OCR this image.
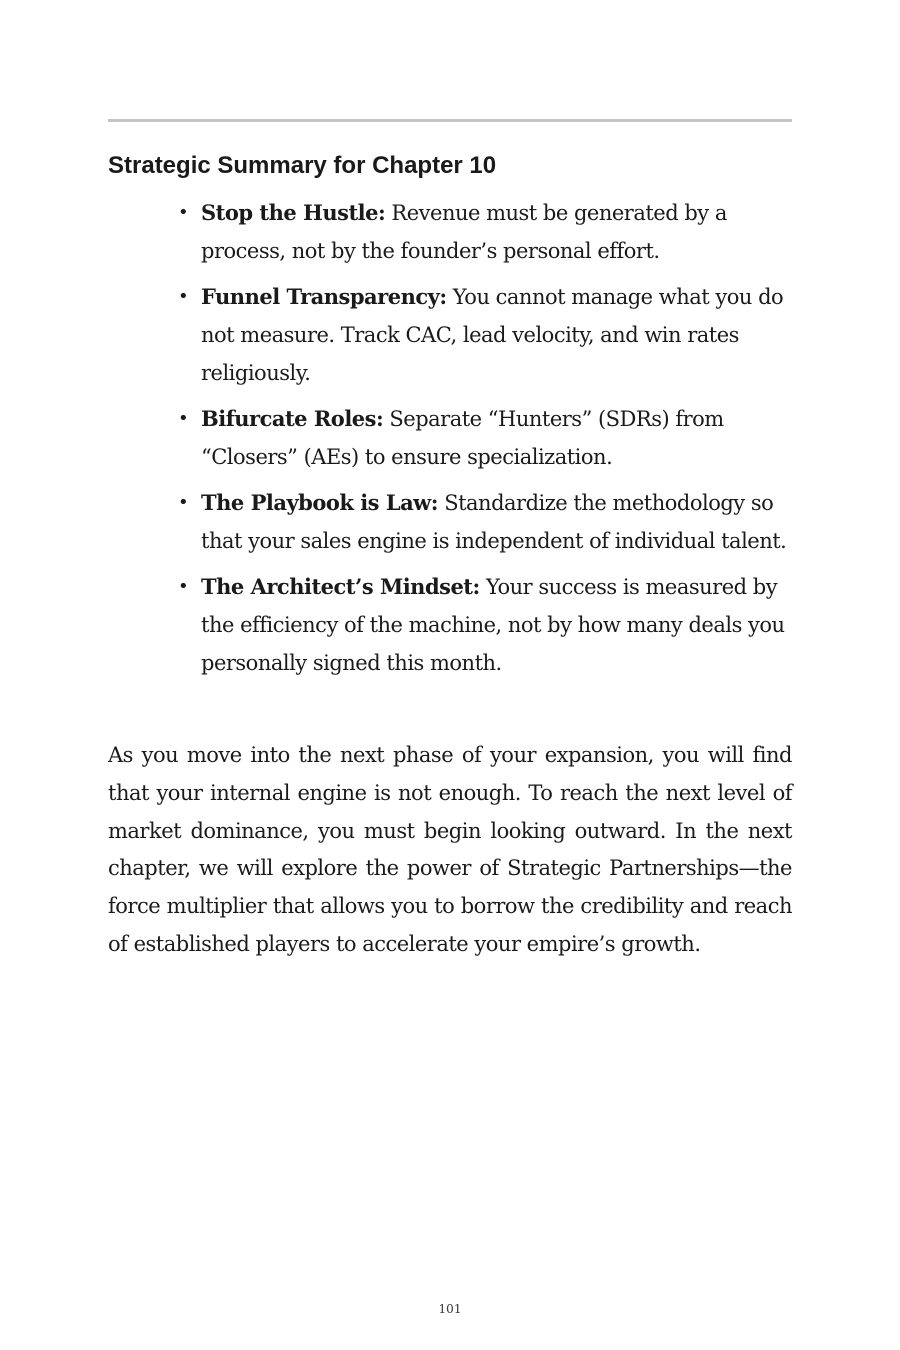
Strategic Summary for Chapter 10
• Stop the Hustle: Revenue must be generated by a process, not by the founder’s personal effort.
• Funnel Transparency: You cannot manage what you do not measure. Track CAC, lead velocity, and win rates religiously.
• Bifurcate Roles: Separate “Hunters” (SDRs) from “Closers” (AEs) to ensure specialization.
• The Playbook is Law: Standardize the methodology so that your sales engine is independent of individual talent.
• The Architect’s Mindset: Your success is measured by the efficiency of the machine, not by how many deals you personally signed this month.

As you move into the next phase of your expansion, you will find that your internal engine is not enough. To reach the next level of market dominance, you must begin looking outward. In the next chapter, we will explore the power of Strategic Partnerships—the force multiplier that allows you to borrow the credibility and reach of established players to accelerate your empire’s growth.

101
